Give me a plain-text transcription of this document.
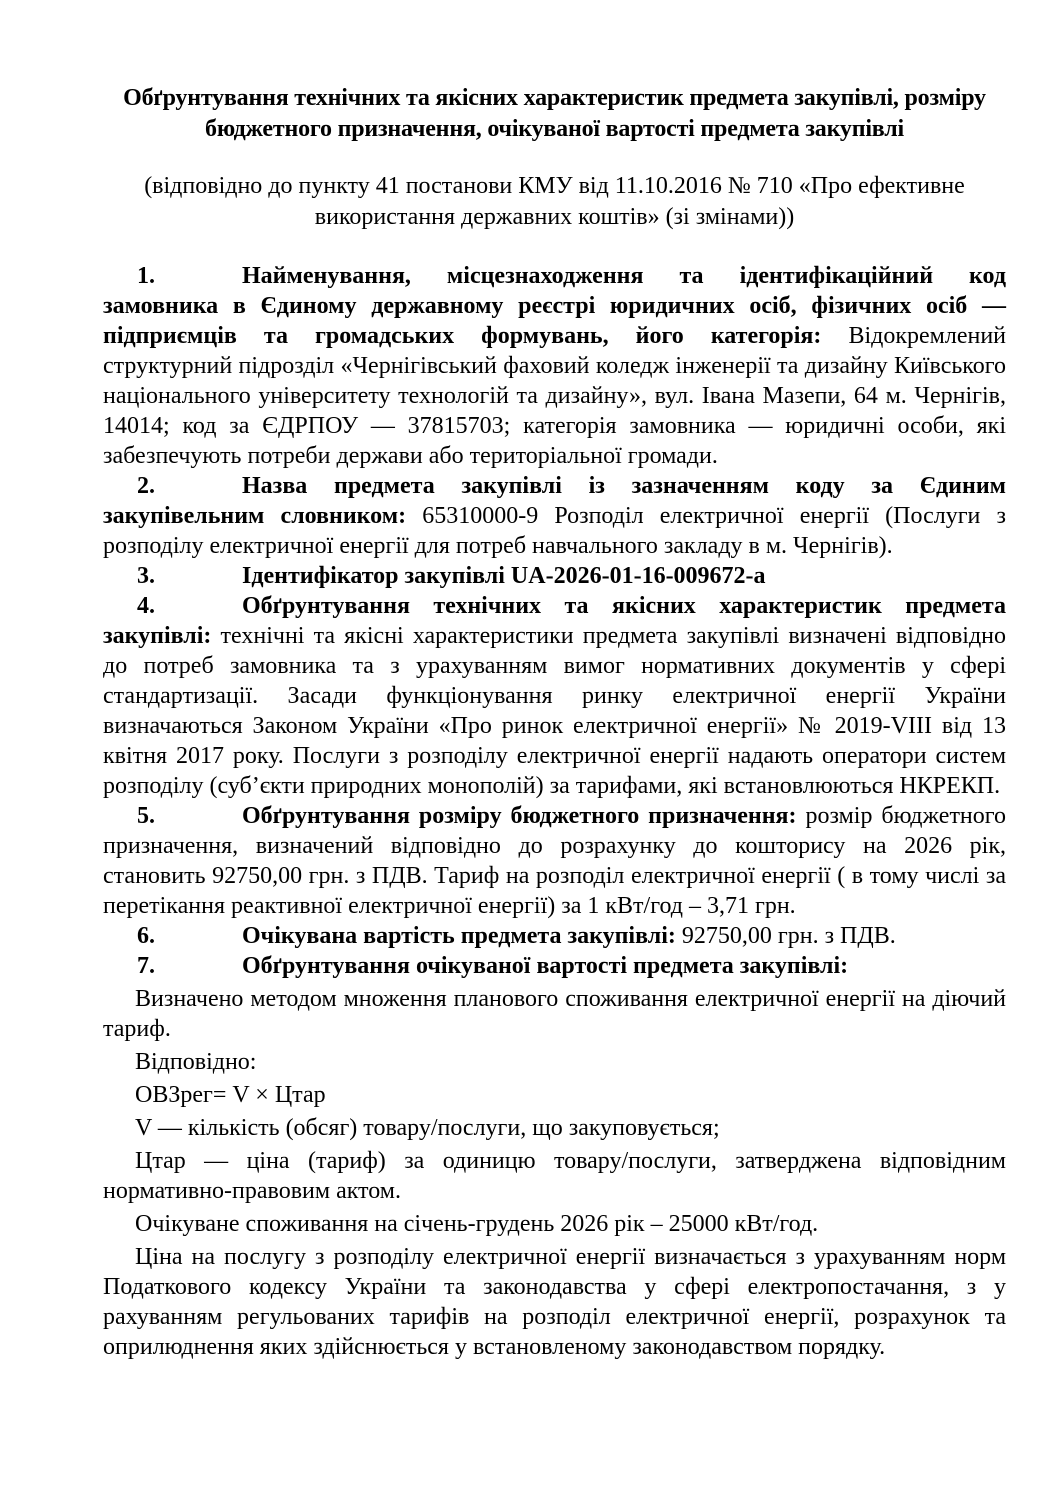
Обґрунтування технічних та якісних характеристик предмета закупівлі, розміру бюджетного призначення, очікуваної вартості предмета закупівлі

(відповідно до пункту 41 постанови КМУ від 11.10.2016 № 710 «Про ефективне використання державних коштів» (зі змінами))

1.	Найменування, місцезнаходження та ідентифікаційний код замовника в Єдиному державному реєстрі юридичних осіб, фізичних осіб — підприємців та громадських формувань, його категорія: Відокремлений структурний підрозділ «Чернігівський фаховий коледж інженерії та дизайну Київського національного університету технологій та дизайну», вул. Івана Мазепи, 64 м. Чернігів, 14014; код за ЄДРПОУ — 37815703; категорія замовника — юридичні особи, які забезпечують потреби держави або територіальної громади.

2.	Назва предмета закупівлі із зазначенням коду за Єдиним закупівельним словником: 65310000-9 Розподіл електричної енергії (Послуги з розподілу електричної енергії для потреб навчального закладу в м. Чернігів).

3.	Ідентифікатор закупівлі UA-2026-01-16-009672-a

4.	Обґрунтування технічних та якісних характеристик предмета закупівлі: технічні та якісні характеристики предмета закупівлі визначені відповідно до потреб замовника та з урахуванням вимог нормативних документів у сфері стандартизації. Засади функціонування ринку електричної енергії України визначаються Законом України «Про ринок електричної енергії» № 2019-VIII від 13 квітня 2017 року. Послуги з розподілу електричної енергії надають оператори систем розподілу (суб’єкти природних монополій) за тарифами, які встановлюються НКРЕКП.

5.	Обґрунтування розміру бюджетного призначення: розмір бюджетного призначення, визначений відповідно до розрахунку до кошторису на 2026 рік, становить 92750,00 грн. з ПДВ. Тариф на розподіл електричної енергії ( в тому числі за перетікання реактивної електричної енергії) за 1 кВт/год – 3,71 грн.

6.	Очікувана вартість предмета закупівлі: 92750,00 грн. з ПДВ.

7.	Обґрунтування очікуваної вартості предмета закупівлі:

Визначено методом множення планового споживання електричної енергії на діючий тариф.

Відповідно:

ОВЗрег= V × Цтар

V — кількість (обсяг) товару/послуги, що закуповується;

Цтар — ціна (тариф) за одиницю товару/послуги, затверджена відповідним нормативно-правовим актом.

Очікуване споживання на січень-грудень 2026 рік – 25000 кВт/год.

Ціна на послугу з розподілу електричної енергії визначається з урахуванням норм Податкового кодексу України та законодавства у сфері електропостачання, з у рахуванням регульованих тарифів на розподіл електричної енергії, розрахунок та оприлюднення яких здійснюється у встановленому законодавством порядку.
